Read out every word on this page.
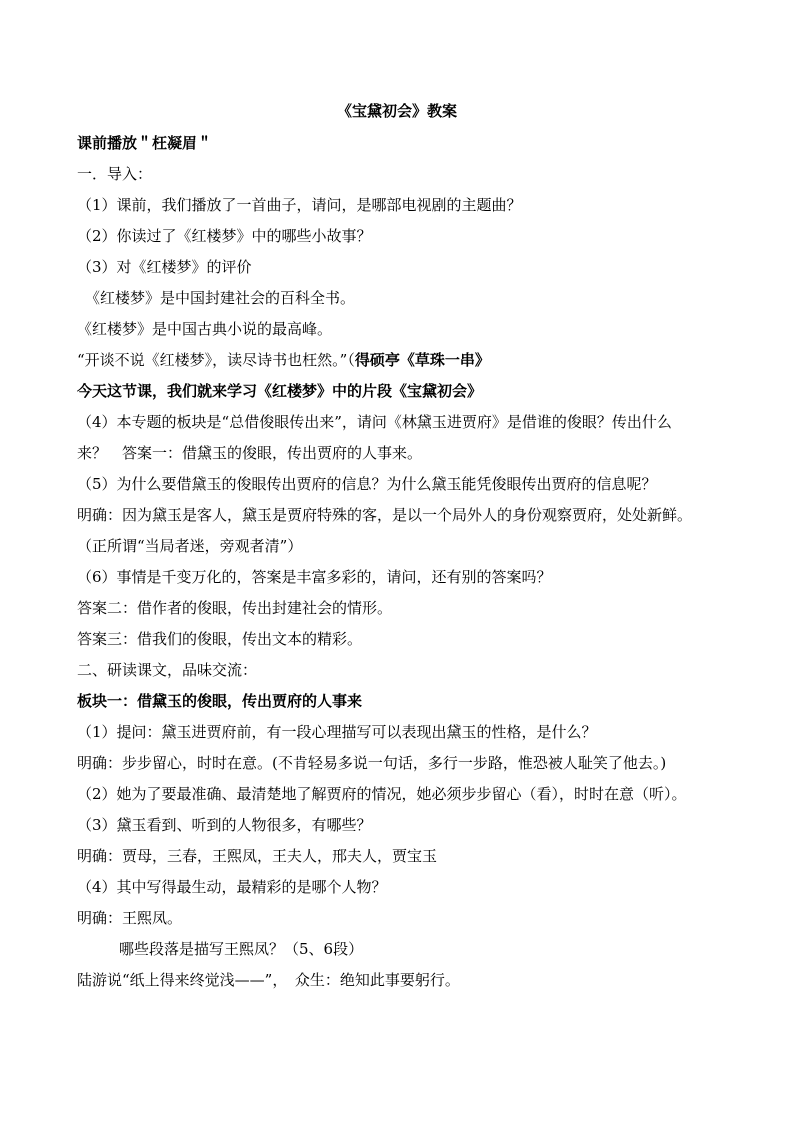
《宝黛初会》教案
课前播放＂枉凝眉＂
一．导入：
（1）课前，我们播放了一首曲子，请问，是哪部电视剧的主题曲？
（2）你读过了《红楼梦》中的哪些小故事？
（3）对《红楼梦》的评价
《红楼梦》是中国封建社会的百科全书。
《红楼梦》是中国古典小说的最高峰。
“开谈不说《红楼梦》，读尽诗书也枉然。”（得硕亭《草珠一串》
今天这节课，我们就来学习《红楼梦》中的片段《宝黛初会》
（4）本专题的板块是“总借俊眼传出来”，请问《林黛玉进贾府》是借谁的俊眼？传出什么
来？　答案一：借黛玉的俊眼，传出贾府的人事来。
（5）为什么要借黛玉的俊眼传出贾府的信息？为什么黛玉能凭俊眼传出贾府的信息呢？
明确：因为黛玉是客人，黛玉是贾府特殊的客，是以一个局外人的身份观察贾府，处处新鲜。
（正所谓“当局者迷，旁观者清”）
（6）事情是千变万化的，答案是丰富多彩的，请问，还有别的答案吗？
答案二：借作者的俊眼，传出封建社会的情形。
答案三：借我们的俊眼，传出文本的精彩。
二、研读课文，品味交流：
板块一：借黛玉的俊眼，传出贾府的人事来
（1）提问：黛玉进贾府前，有一段心理描写可以表现出黛玉的性格，是什么？
明确：步步留心，时时在意。(不肯轻易多说一句话，多行一步路，惟恐被人耻笑了他去。)
（2）她为了要最准确、最清楚地了解贾府的情况，她必须步步留心（看），时时在意（听）。
（3）黛玉看到、听到的人物很多，有哪些？
明确：贾母，三春，王熙凤，王夫人，邢夫人，贾宝玉
（4）其中写得最生动，最精彩的是哪个人物？
明确：王熙凤。
哪些段落是描写王熙凤？（5、6段）
陆游说“纸上得来终觉浅——”，　众生：绝知此事要躬行。
